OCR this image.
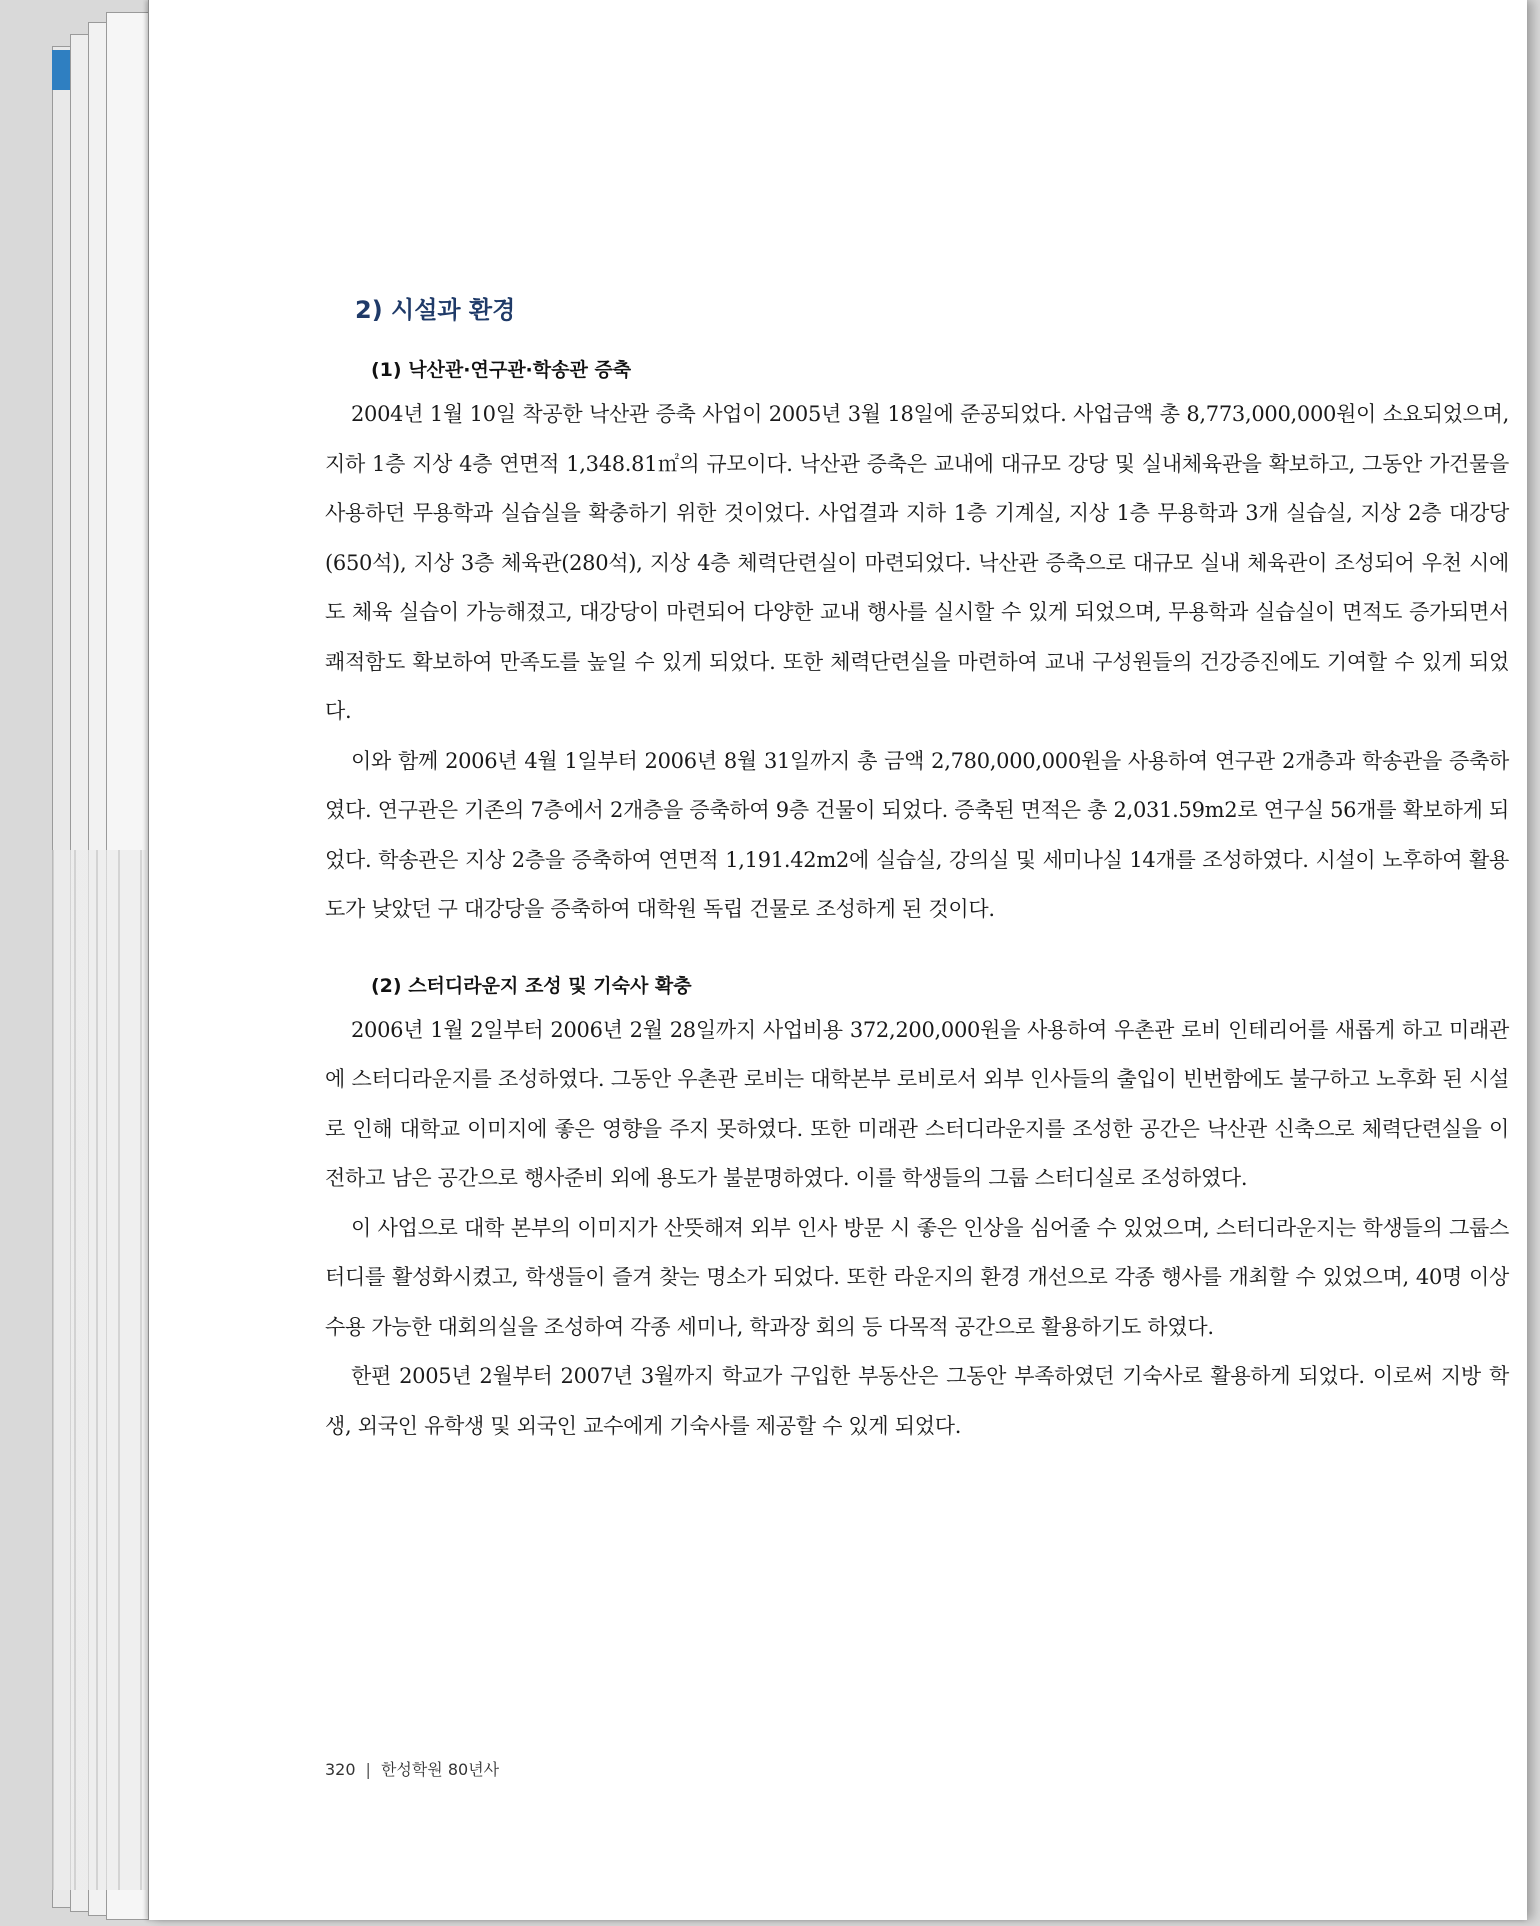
2) 시설과 환경
(1) 낙산관·연구관·학송관 증축

2004년 1월 10일 착공한 낙산관 증축 사업이 2005년 3월 18일에 준공되었다. 사업금액 총 8,773,000,000원이 소요되었으며, 지하 1층 지상 4층 연면적 1,348.81㎡의 규모이다. 낙산관 증축은 교내에 대규모 강당 및 실내체육관을 확보하고, 그동안 가건물을 사용하던 무용학과 실습실을 확충하기 위한 것이었다. 사업결과 지하 1층 기계실, 지상 1층 무용학과 3개 실습실, 지상 2층 대강당(650석), 지상 3층 체육관(280석), 지상 4층 체력단련실이 마련되었다. 낙산관 증축으로 대규모 실내 체육관이 조성되어 우천 시에도 체육 실습이 가능해졌고, 대강당이 마련되어 다양한 교내 행사를 실시할 수 있게 되었으며, 무용학과 실습실이 면적도 증가되면서 쾌적함도 확보하여 만족도를 높일 수 있게 되었다. 또한 체력단련실을 마련하여 교내 구성원들의 건강증진에도 기여할 수 있게 되었다.

이와 함께 2006년 4월 1일부터 2006년 8월 31일까지 총 금액 2,780,000,000원을 사용하여 연구관 2개층과 학송관을 증축하였다. 연구관은 기존의 7층에서 2개층을 증축하여 9층 건물이 되었다. 증축된 면적은 총 2,031.59m2로 연구실 56개를 확보하게 되었다. 학송관은 지상 2층을 증축하여 연면적 1,191.42m2에 실습실, 강의실 및 세미나실 14개를 조성하였다. 시설이 노후하여 활용도가 낮았던 구 대강당을 증축하여 대학원 독립 건물로 조성하게 된 것이다.

(2) 스터디라운지 조성 및 기숙사 확충

2006년 1월 2일부터 2006년 2월 28일까지 사업비용 372,200,000원을 사용하여 우촌관 로비 인테리어를 새롭게 하고 미래관에 스터디라운지를 조성하였다. 그동안 우촌관 로비는 대학본부 로비로서 외부 인사들의 출입이 빈번함에도 불구하고 노후화 된 시설로 인해 대학교 이미지에 좋은 영향을 주지 못하였다. 또한 미래관 스터디라운지를 조성한 공간은 낙산관 신축으로 체력단련실을 이전하고 남은 공간으로 행사준비 외에 용도가 불분명하였다. 이를 학생들의 그룹 스터디실로 조성하였다.

이 사업으로 대학 본부의 이미지가 산뜻해져 외부 인사 방문 시 좋은 인상을 심어줄 수 있었으며, 스터디라운지는 학생들의 그룹스터디를 활성화시켰고, 학생들이 즐겨 찾는 명소가 되었다. 또한 라운지의 환경 개선으로 각종 행사를 개최할 수 있었으며, 40명 이상 수용 가능한 대회의실을 조성하여 각종 세미나, 학과장 회의 등 다목적 공간으로 활용하기도 하였다.

한편 2005년 2월부터 2007년 3월까지 학교가 구입한 부동산은 그동안 부족하였던 기숙사로 활용하게 되었다. 이로써 지방 학생, 외국인 유학생 및 외국인 교수에게 기숙사를 제공할 수 있게 되었다.

320 | 한성학원 80년사
